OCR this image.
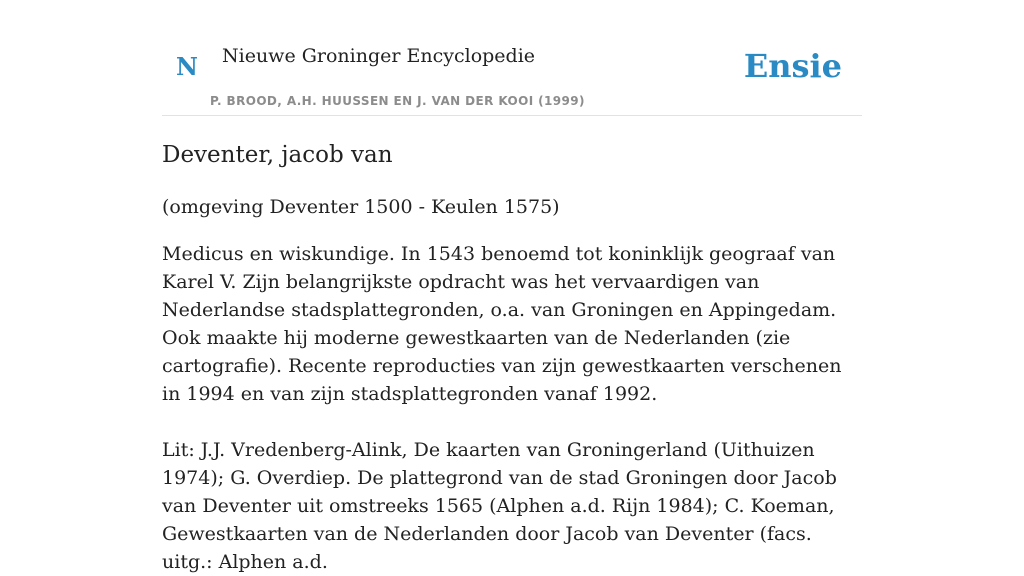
N Nieuwe Groninger Encyclopedie
P. BROOD, A.H. HUUSSEN EN J. VAN DER KOOI (1999)
Ensie
Deventer, jacob van
(omgeving Deventer 1500 - Keulen 1575)
Medicus en wiskundige. In 1543 benoemd tot koninklijk geograaf van Karel V. Zijn belangrijkste opdracht was het vervaardigen van Nederlandse stadsplattegronden, o.a. van Groningen en Appingedam. Ook maakte hij moderne gewestkaarten van de Nederlanden (zie cartografie). Recente reproducties van zijn gewestkaarten verschenen in 1994 en van zijn stadsplattegronden vanaf 1992.
Lit: J.J. Vredenberg-Alink, De kaarten van Groningerland (Uithuizen 1974); G. Overdiep. De plattegrond van de stad Groningen door Jacob van Deventer uit omstreeks 1565 (Alphen a.d. Rijn 1984); C. Koeman, Gewestkaarten van de Nederlanden door Jacob van Deventer (facs. uitg.: Alphen a.d.
